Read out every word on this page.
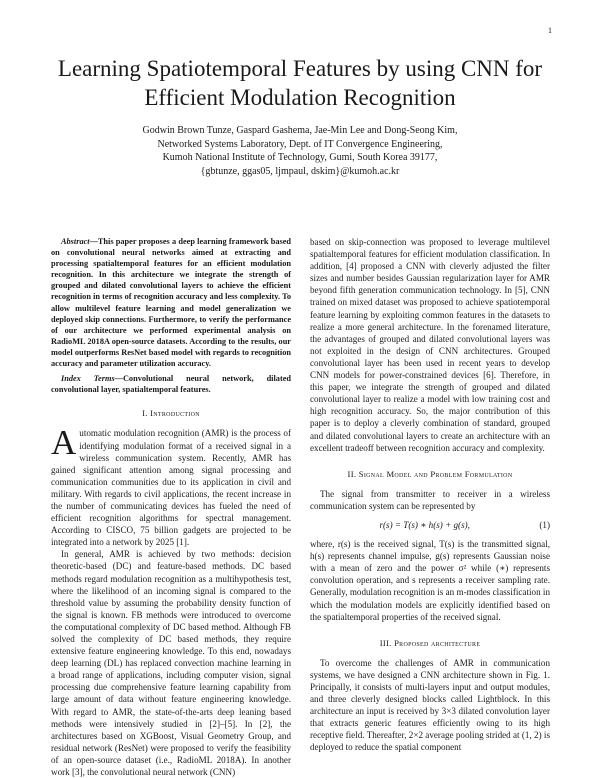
1
Learning Spatiotemporal Features by using CNN for Efficient Modulation Recognition
Godwin Brown Tunze, Gaspard Gashema, Jae-Min Lee and Dong-Seong Kim,
Networked Systems Laboratory, Dept. of IT Convergence Engineering,
Kumoh National Institute of Technology, Gumi, South Korea 39177,
{gbtunze, ggas05, ljmpaul, dskim}@kumoh.ac.kr

Abstract—This paper proposes a deep learning framework based on convolutional neural networks aimed at extracting and processing spatialtemporal features for an efficient modulation recognition. In this architecture we integrate the strength of grouped and dilated convolutional layers to achieve the efficient recognition in terms of recognition accuracy and less complexity. To allow multilevel feature learning and model generalization we deployed skip connections. Furthermore, to verify the performance of our architecture we performed experimental analysis on RadioML 2018A open-source datasets. According to the results, our model outperforms ResNet based model with regards to recognition accuracy and parameter utilization accuracy.

Index Terms—Convolutional neural network, dilated convolutional layer, spatialtemporal features.

I. Introduction

Automatic modulation recognition (AMR) is the process of identifying modulation format of a received signal in a wireless communication system. Recently, AMR has gained significant attention among signal processing and communication communities due to its application in civil and military. With regards to civil applications, the recent increase in the number of communicating devices has fueled the need of efficient recognition algorithms for spectral management. According to CISCO, 75 billion gadgets are projected to be integrated into a network by 2025 [1].

In general, AMR is achieved by two methods: decision theoretic-based (DC) and feature-based methods. DC based methods regard modulation recognition as a multihypothesis test, where the likelihood of an incoming signal is compared to the threshold value by assuming the probability density function of the signal is known. FB methods were introduced to overcome the computational complexity of DC based method. Although FB solved the complexity of DC based methods, they require extensive feature engineering knowledge. To this end, nowadays deep learning (DL) has replaced convection machine learning in a broad range of applications, including computer vision, signal processing due comprehensive feature learning capability from large amount of data without feature engineering knowledge. With regard to AMR, the state-of-the-arts deep leaning based methods were intensively studied in [2]–[5]. In [2], the architectures based on XGBoost, Visual Geometry Group, and residual network (ResNet) were proposed to verify the feasibility of an open-source dataset (i.e., RadioML 2018A). In another work [3], the convolutional neural network (CNN)

based on skip-connection was proposed to leverage multilevel spatialtemporal features for efficient modulation classification. In addition, [4] proposed a CNN with cleverly adjusted the filter sizes and number besides Gaussian regularization layer for AMR beyond fifth generation communication technology. In [5], CNN trained on mixed dataset was proposed to achieve spatiotemporal feature learning by exploiting common features in the datasets to realize a more general architecture. In the forenamed literature, the advantages of grouped and dilated convolutional layers was not exploited in the design of CNN architectures. Grouped convolutional layer has been used in recent years to develop CNN models for power-constrained devices [6]. Therefore, in this paper, we integrate the strength of grouped and dilated convolutional layer to realize a model with low training cost and high recognition accuracy. So, the major contribution of this paper is to deploy a cleverly combination of standard, grouped and dilated convolutional layers to create an architecture with an excellent tradeoff between recognition accuracy and complexity.

II. Signal Model and Problem Formulation

The signal from transmitter to receiver in a wireless communication system can be represented by

r(s) = T(s) ∗ h(s) + g(s),	(1)

where, r(s) is the received signal, T(s) is the transmitted signal, h(s) represents channel impulse, g(s) represents Gaussian noise with a mean of zero and the power σ² while (∗) represents convolution operation, and s represents a receiver sampling rate. Generally, modulation recognition is an m-modes classification in which the modulation models are explicitly identified based on the spatialtemporal properties of the received signal.

III. Proposed architecture

To overcome the challenges of AMR in communication systems, we have designed a CNN architecture shown in Fig. 1. Principally, it consists of multi-layers input and output modules, and three cleverly designed blocks called Lightblock. In this architecture an input is received by 3×3 dilated convolution layer that extracts generic features efficiently owing to its high receptive field. Thereafter, 2×2 average pooling strided at (1, 2) is deployed to reduce the spatial component
